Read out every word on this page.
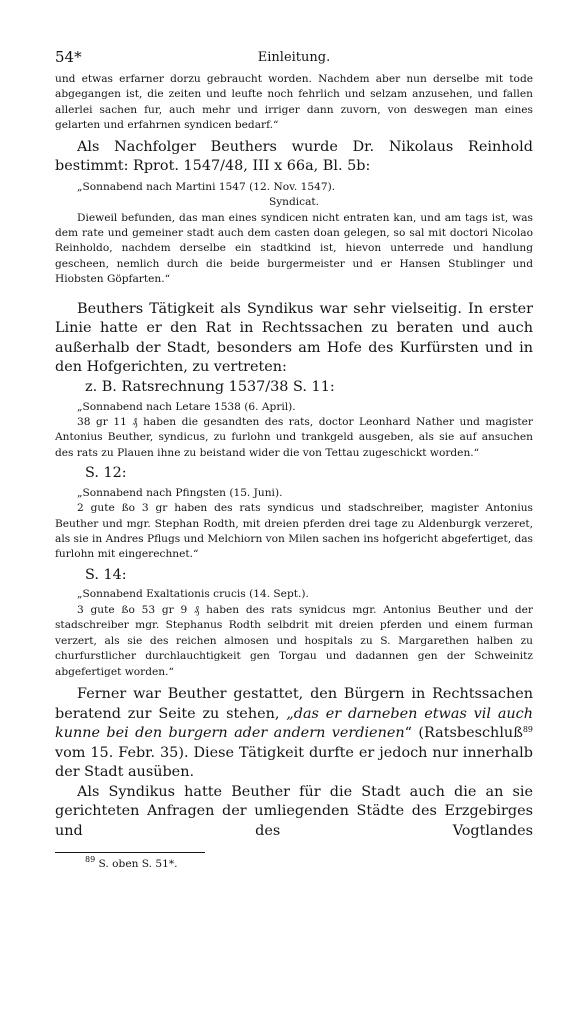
54*	Einleitung.

und etwas erfarner dorzu gebraucht worden. Nachdem aber nun derselbe mit tode abgegangen ist, die zeiten und leufte noch fehrlich und selzam anzusehen, und fallen allerlei sachen fur, auch mehr und irriger dann zuvorn, von deswegen man eines gelarten und erfahrnen syndicen bedarf.“

Als Nachfolger Beuthers wurde Dr. Nikolaus Reinhold bestimmt: Rprot. 1547/48, III x 66a, Bl. 5b:

„Sonnabend nach Martini 1547 (12. Nov. 1547).

Syndicat.

Dieweil befunden, das man eines syndicen nicht entraten kan, und am tags ist, was dem rate und gemeiner stadt auch dem casten doan gelegen, so sal mit doctori Nicolao Reinholdo, nachdem derselbe ein stadtkind ist, hievon unterrede und handlung gescheen, nemlich durch die beide burgermeister und er Hansen Stublinger und Hiobsten Göpfarten.“

Beuthers Tätigkeit als Syndikus war sehr vielseitig. In erster Linie hatte er den Rat in Rechtssachen zu beraten und auch außerhalb der Stadt, besonders am Hofe des Kurfürsten und in den Hofgerichten, zu vertreten:

z. B. Ratsrechnung 1537/38 S. 11:

„Sonnabend nach Letare 1538 (6. April).

38 gr 11 ₰ haben die gesandten des rats, doctor Leonhard Nather und magister Antonius Beuther, syndicus, zu furlohn und trankgeld ausgeben, als sie auf ansuchen des rats zu Plauen ihne zu beistand wider die von Tettau zugeschickt worden.“

S. 12:

„Sonnabend nach Pfingsten (15. Juni).

2 gute ßo 3 gr haben des rats syndicus und stadschreiber, magister Antonius Beuther und mgr. Stephan Rodth, mit dreien pferden drei tage zu Aldenburgk verzeret, als sie in Andres Pflugs und Melchiorn von Milen sachen ins hofgericht abgefertiget, das furlohn mit eingerechnet.“

S. 14:

„Sonnabend Exaltationis crucis (14. Sept.).

3 gute ßo 53 gr 9 ₰ haben des rats synidcus mgr. Antonius Beuther und der stadschreiber mgr. Stephanus Rodth selbdrit mit dreien pferden und einem furman verzert, als sie des reichen almosen und hospitals zu S. Margarethen halben zu churfurstlicher durchlauchtigkeit gen Torgau und dadannen gen der Schweinitz abgefertiget worden.“

Ferner war Beuther gestattet, den Bürgern in Rechtssachen beratend zur Seite zu stehen, „das er darneben etwas vil auch kunne bei den burgern ader andern verdienen“ (Ratsbeschluß$^{89}$ vom 15. Febr. 35). Diese Tätigkeit durfte er jedoch nur innerhalb der Stadt ausüben.

Als Syndikus hatte Beuther für die Stadt auch die an sie gerichteten Anfragen der umliegenden Städte des Erzgebirges und des Vogtlandes

$^{89}$ S. oben S. 51*.
